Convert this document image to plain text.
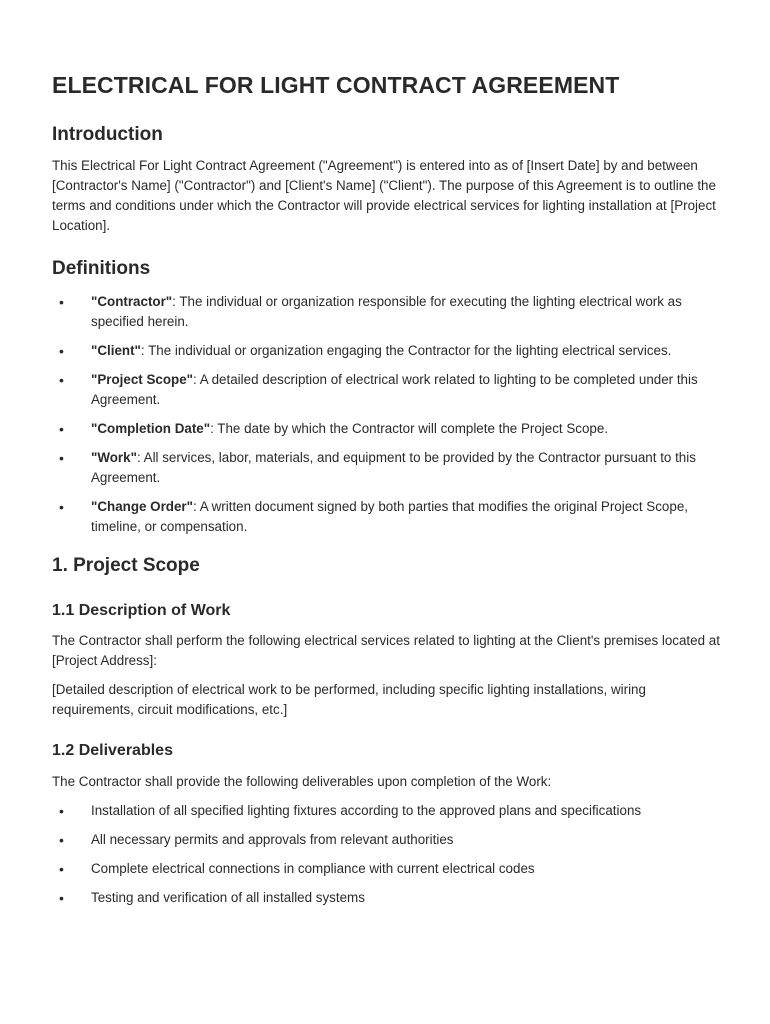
ELECTRICAL FOR LIGHT CONTRACT AGREEMENT
Introduction

This Electrical For Light Contract Agreement ("Agreement") is entered into as of [Insert Date] by and between [Contractor's Name] ("Contractor") and [Client's Name] ("Client"). The purpose of this Agreement is to outline the terms and conditions under which the Contractor will provide electrical services for lighting installation at [Project Location].

Definitions
• "Contractor": The individual or organization responsible for executing the lighting electrical work as specified herein.
• "Client": The individual or organization engaging the Contractor for the lighting electrical services.
• "Project Scope": A detailed description of electrical work related to lighting to be completed under this Agreement.
• "Completion Date": The date by which the Contractor will complete the Project Scope.
• "Work": All services, labor, materials, and equipment to be provided by the Contractor pursuant to this Agreement.
• "Change Order": A written document signed by both parties that modifies the original Project Scope, timeline, or compensation.
1. Project Scope
1.1 Description of Work

The Contractor shall perform the following electrical services related to lighting at the Client's premises located at [Project Address]:

[Detailed description of electrical work to be performed, including specific lighting installations, wiring requirements, circuit modifications, etc.]

1.2 Deliverables

The Contractor shall provide the following deliverables upon completion of the Work:

• Installation of all specified lighting fixtures according to the approved plans and specifications
• All necessary permits and approvals from relevant authorities
• Complete electrical connections in compliance with current electrical codes
• Testing and verification of all installed systems
